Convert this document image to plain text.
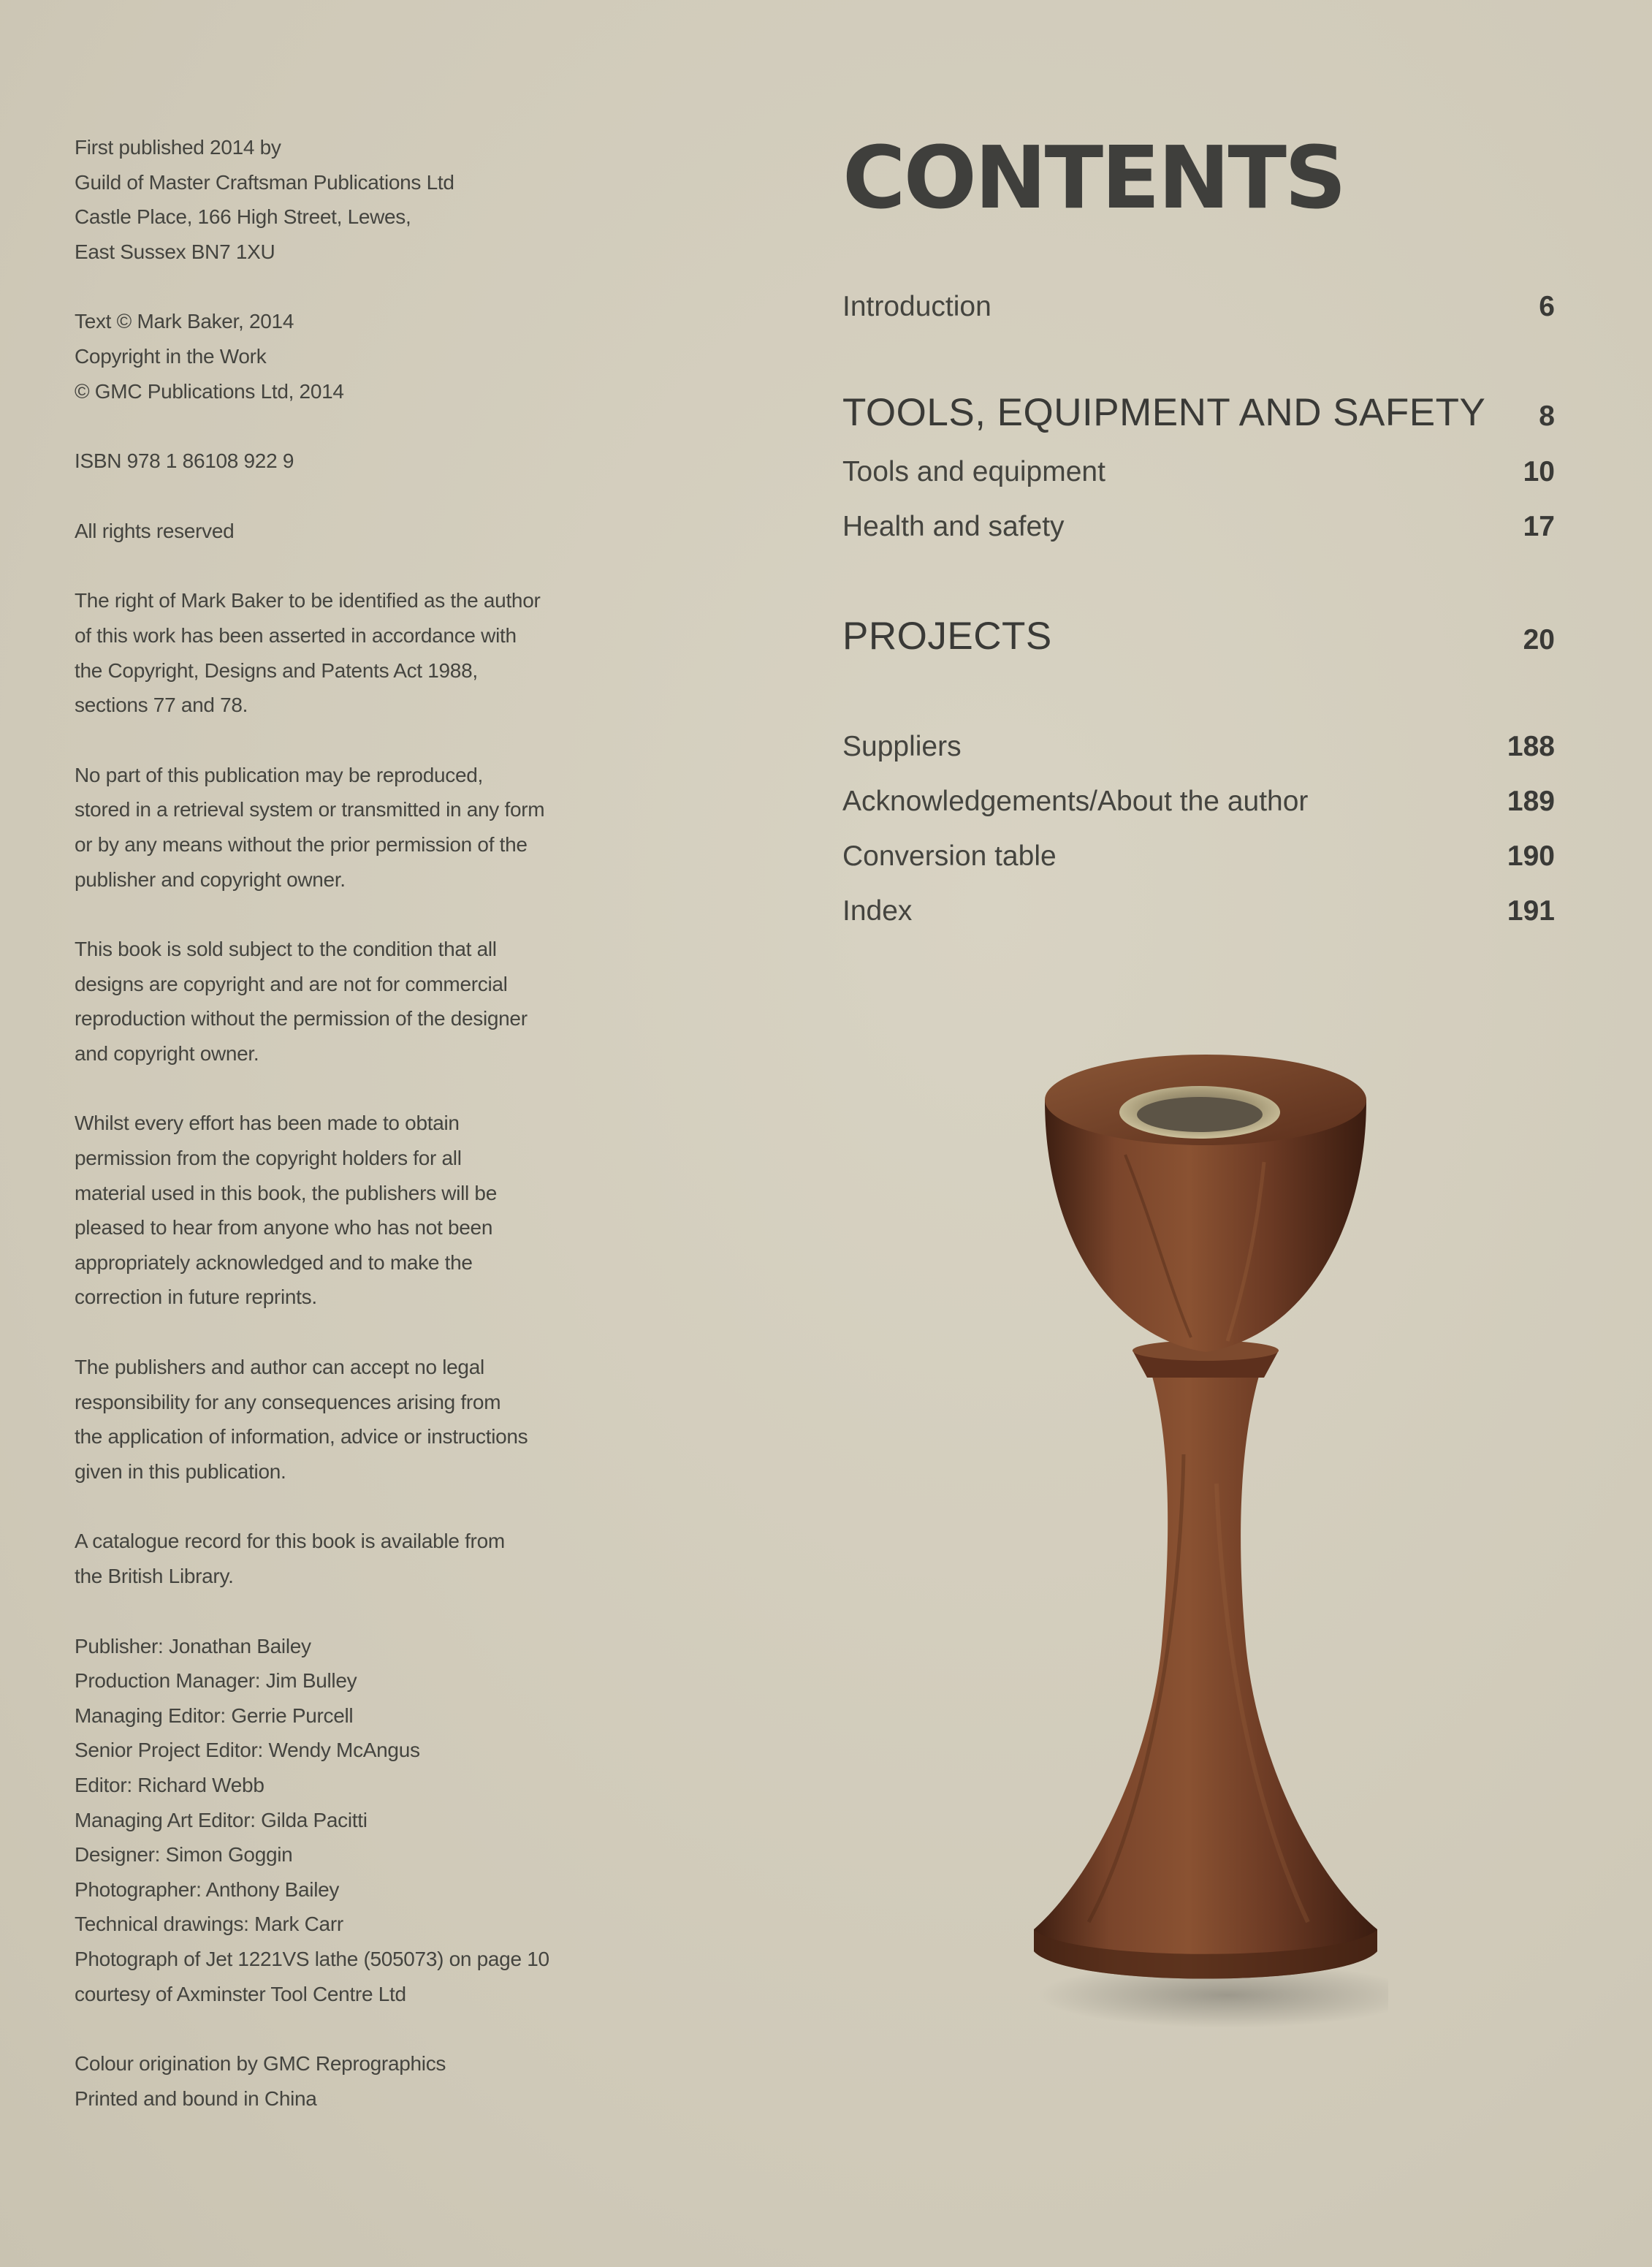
First published 2014 by
Guild of Master Craftsman Publications Ltd
Castle Place, 166 High Street, Lewes,
East Sussex BN7 1XU
Text © Mark Baker, 2014
Copyright in the Work
© GMC Publications Ltd, 2014
ISBN 978 1 86108 922 9
All rights reserved
The right of Mark Baker to be identified as the author
of this work has been asserted in accordance with
the Copyright, Designs and Patents Act 1988,
sections 77 and 78.
No part of this publication may be reproduced,
stored in a retrieval system or transmitted in any form
or by any means without the prior permission of the
publisher and copyright owner.
This book is sold subject to the condition that all
designs are copyright and are not for commercial
reproduction without the permission of the designer
and copyright owner.
Whilst every effort has been made to obtain
permission from the copyright holders for all
material used in this book, the publishers will be
pleased to hear from anyone who has not been
appropriately acknowledged and to make the
correction in future reprints.
The publishers and author can accept no legal
responsibility for any consequences arising from
the application of information, advice or instructions
given in this publication.
A catalogue record for this book is available from
the British Library.
Publisher: Jonathan Bailey
Production Manager: Jim Bulley
Managing Editor: Gerrie Purcell
Senior Project Editor: Wendy McAngus
Editor: Richard Webb
Managing Art Editor: Gilda Pacitti
Designer: Simon Goggin
Photographer: Anthony Bailey
Technical drawings: Mark Carr
Photograph of Jet 1221VS lathe (505073) on page 10
courtesy of Axminster Tool Centre Ltd
Colour origination by GMC Reprographics
Printed and bound in China
CONTENTS
Introduction	6
TOOLS, EQUIPMENT AND SAFETY 8
Tools and equipment	10
Health and safety	17
PROJECTS	20
Suppliers	188
Acknowledgements/About the author	189
Conversion table	190
Index	191
